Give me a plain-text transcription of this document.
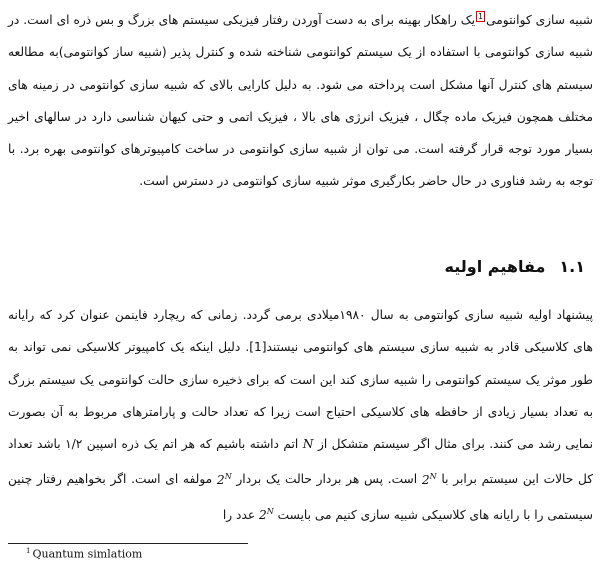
شبیه سازی کوانتومی1یک راهکار بهینه برای به دست آوردن رفتار فیزیکی سیستم های بزرگ و بس ذره ای است. در شبیه سازی کوانتومی با استفاده از یک سیستم کوانتومی شناخته شده و کنترل پذیر (شبیه ساز کوانتومی)به مطالعه سیستم های کنترل آنها مشکل است پرداخته می شود. به دلیل کارایی بالای که شبیه سازی کوانتومی در زمینه های مختلف همچون فیزیک ماده چگال ، فیزیک انرژی های بالا ، فیزیک اتمی و حتی کیهان شناسی دارد در سالهای اخیر بسیار مورد توجه قرار گرفته است. می توان از شبیه سازی کوانتومی در ساخت کامپیوترهای کوانتومی بهره برد. با توجه به رشد فناوری در حال حاضر بکارگیری موثر شبیه سازی کوانتومی در دسترس است.

۱.۱
مفاهیم اولیه

پیشنهاد اولیه شبیه سازی کوانتومی به سال ۱۹۸۰میلادی برمی گردد. زمانی که ریچارد فاینمن عنوان کرد که رایانه های کلاسیکی قادر به شبیه سازی سیستم های کوانتومی نیستند[1]. دلیل اینکه یک کامپیوتر کلاسیکی نمی تواند به طور موثر یک سیستم کوانتومی را شبیه سازی کند این است که برای ذخیره سازی حالت کوانتومی یک سیستم بزرگ به تعداد بسیار زیادی از حافظه های کلاسیکی احتیاج است زیرا که تعداد حالت و پارامترهای مربوط به آن بصورت نمایی رشد می کنند. برای مثال اگر سیستم متشکل از N اتم داشته باشیم که هر اتم یک ذره اسپین ۱/۲ باشد تعداد کل حالات این سیستم برابر با $2^N$ است. پس هر بردار حالت یک بردار $2^N$ مولفه ای است. اگر بخواهیم رفتار چنین سیستمی را با رایانه های کلاسیکی شبیه سازی کنیم می بایست $2^N$ عدد را

$^1$ Quantum simlatiom
